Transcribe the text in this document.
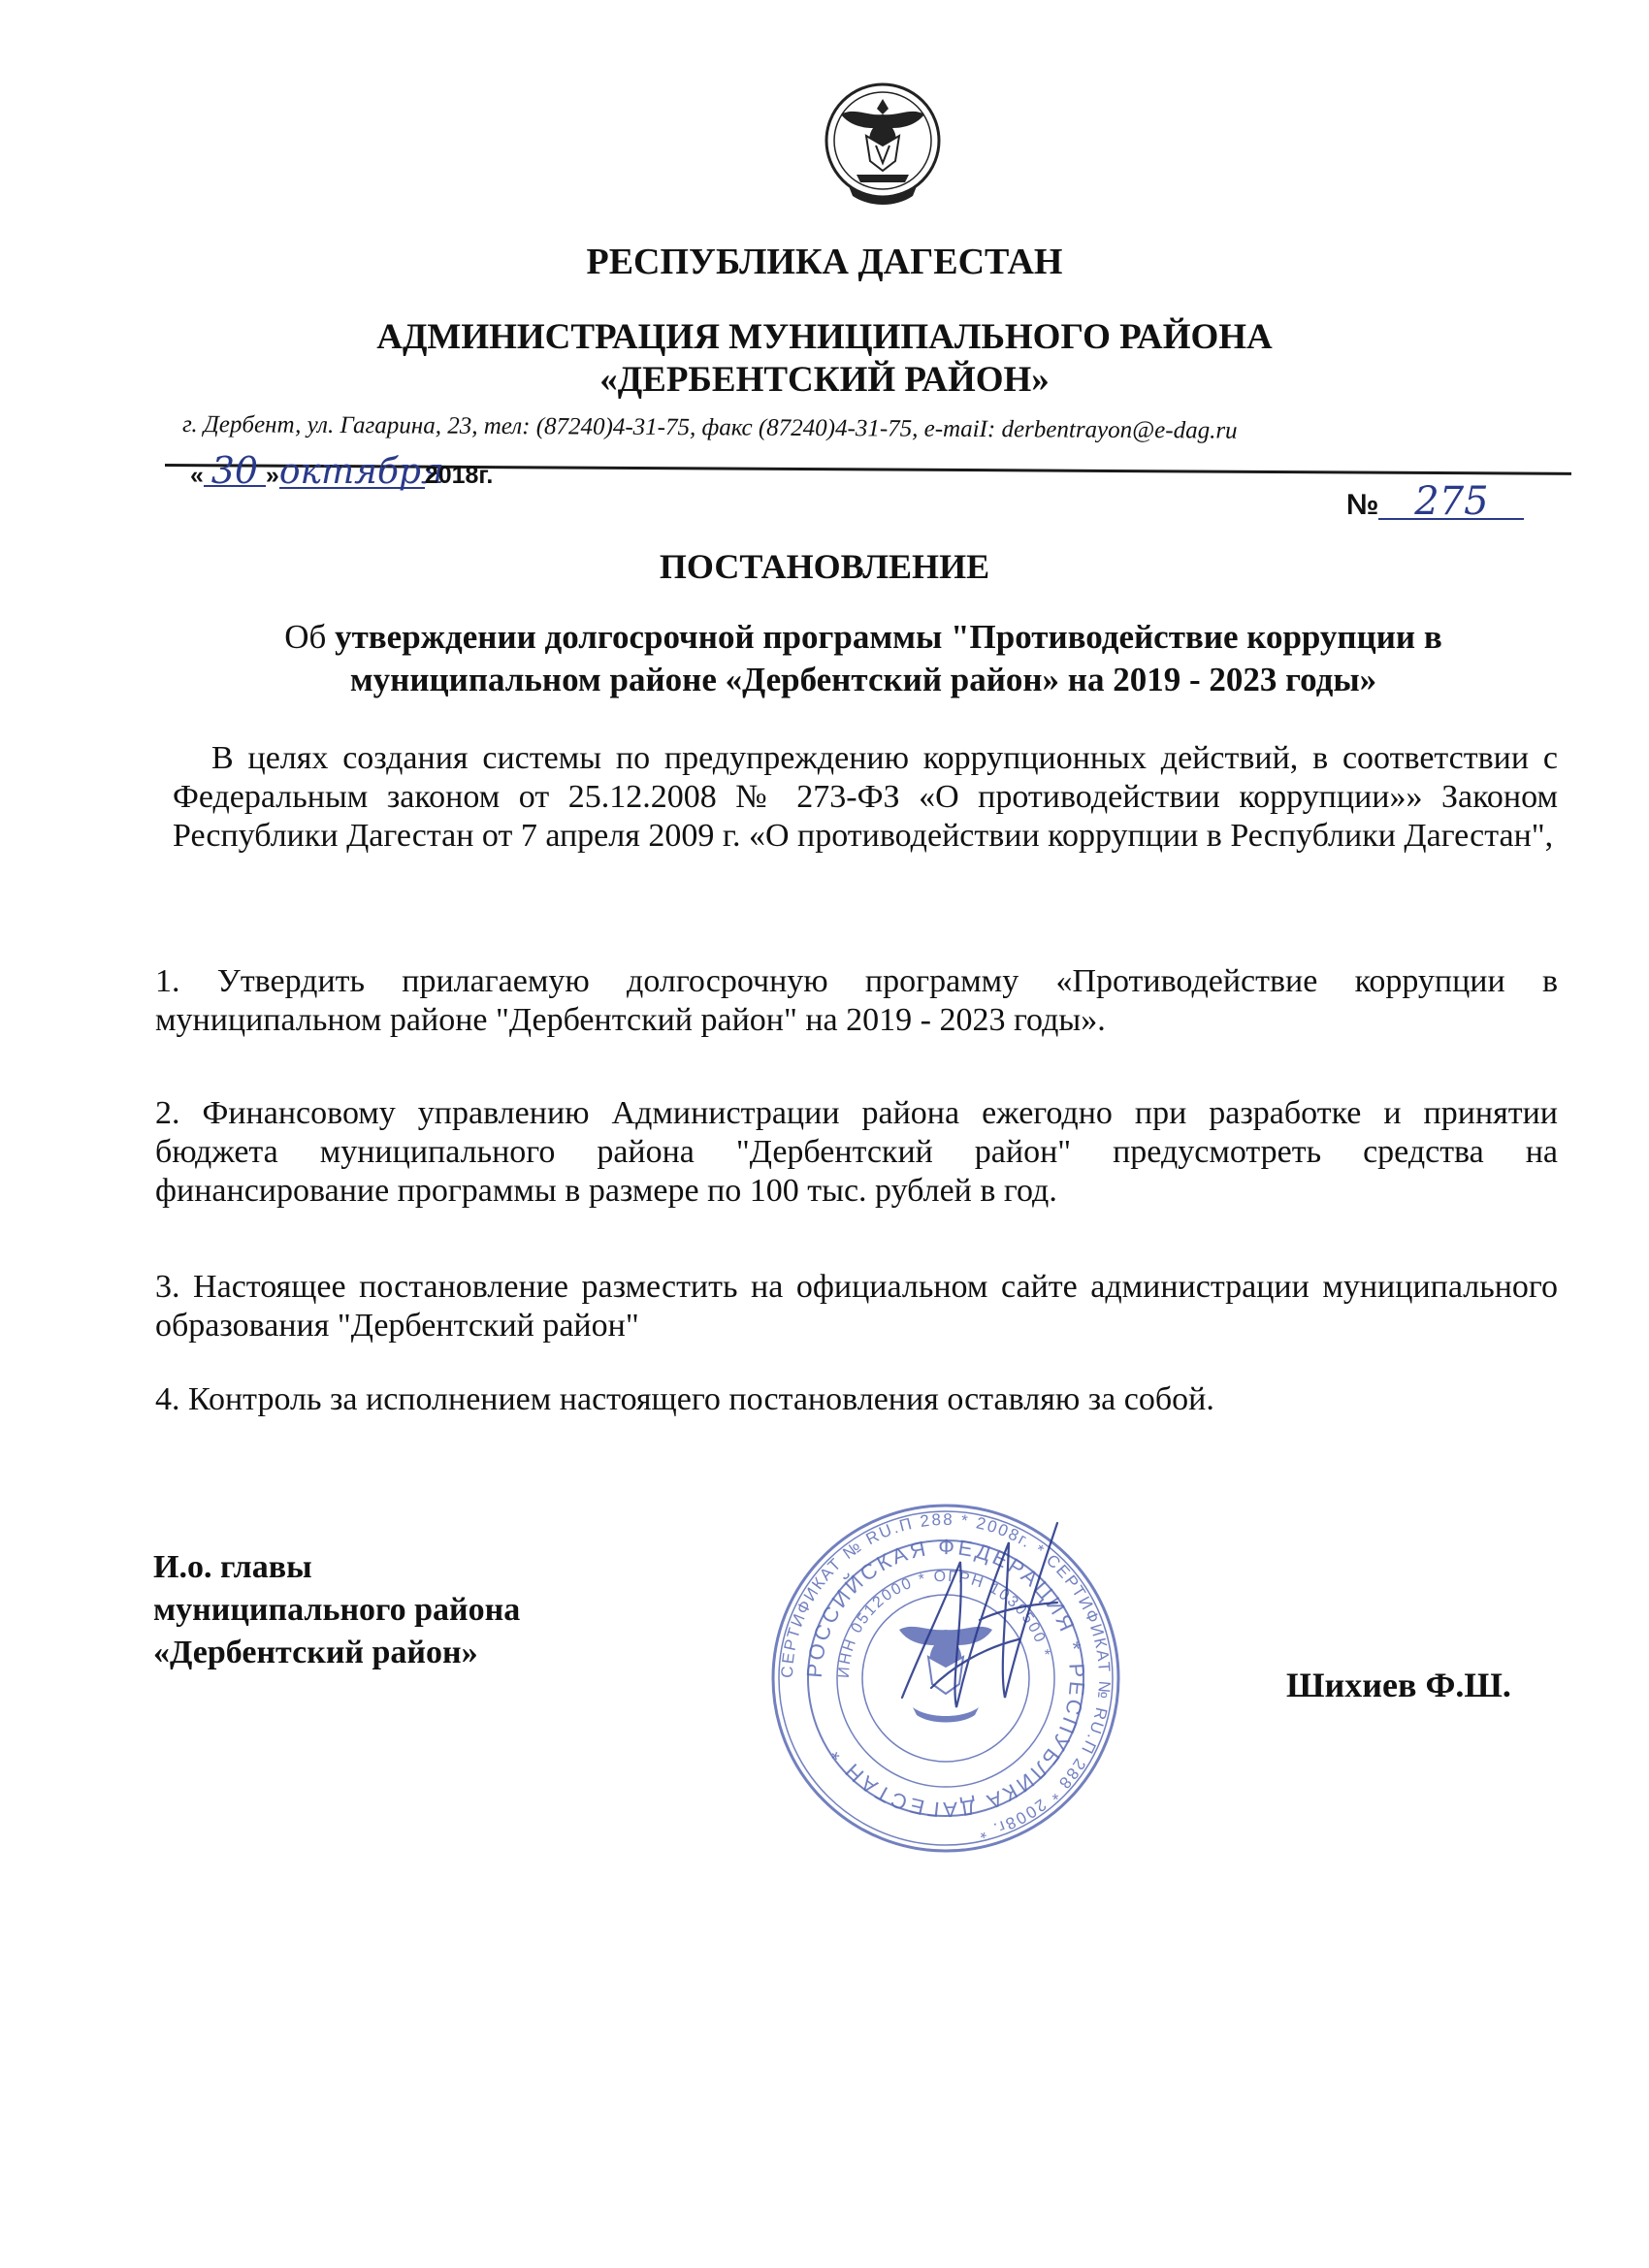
РЕСПУБЛИКА ДАГЕСТАН
АДМИНИСТРАЦИЯ МУНИЦИПАЛЬНОГО РАЙОНА
«ДЕРБЕНТСКИЙ РАЙОН»
г. Дербент, ул. Гагарина, 23, тел: (87240)4-31-75, факс (87240)4-31-75, e-maiI: derbentrayon@e-dag.ru
« 30 »октября2018г.
№ 275
ПОСТАНОВЛЕНИЕ
Об утверждении долгосрочной программы "Противодействие коррупции в муниципальном районе «Дербентский район» на 2019 - 2023 годы»
В целях создания системы по предупреждению коррупционных действий, в соответствии с Федеральным законом от 25.12.2008 № 273-ФЗ «О противодействии коррупции»» Законом Республики Дагестан от 7 апреля 2009 г. «О противодействии коррупции в Республики Дагестан",
1. Утвердить прилагаемую долгосрочную программу «Противодействие коррупции в муниципальном районе "Дербентский район" на 2019 - 2023 годы».
2. Финансовому управлению Администрации района ежегодно при разработке и принятии бюджета муниципального района "Дербентский район" предусмотреть средства на финансирование программы в размере по 100 тыс. рублей в год.
3. Настоящее постановление разместить на официальном сайте администрации муниципального образования "Дербентский район"
4. Контроль за исполнением настоящего постановления оставляю за собой.
И.о. главы
муниципального района
«Дербентский район»
Шихиев Ф.Ш.
СЕРТИФИКАТ № RU.П 288 * 2008г. * СЕРТИФИКАТ № RU.П 288 * 2008г. *
РОССИЙСКАЯ ФЕДЕРАЦИЯ * РЕСПУБЛИКА ДАГЕСТАН *
ИНН 0512000 * ОГРН 1030500 *
